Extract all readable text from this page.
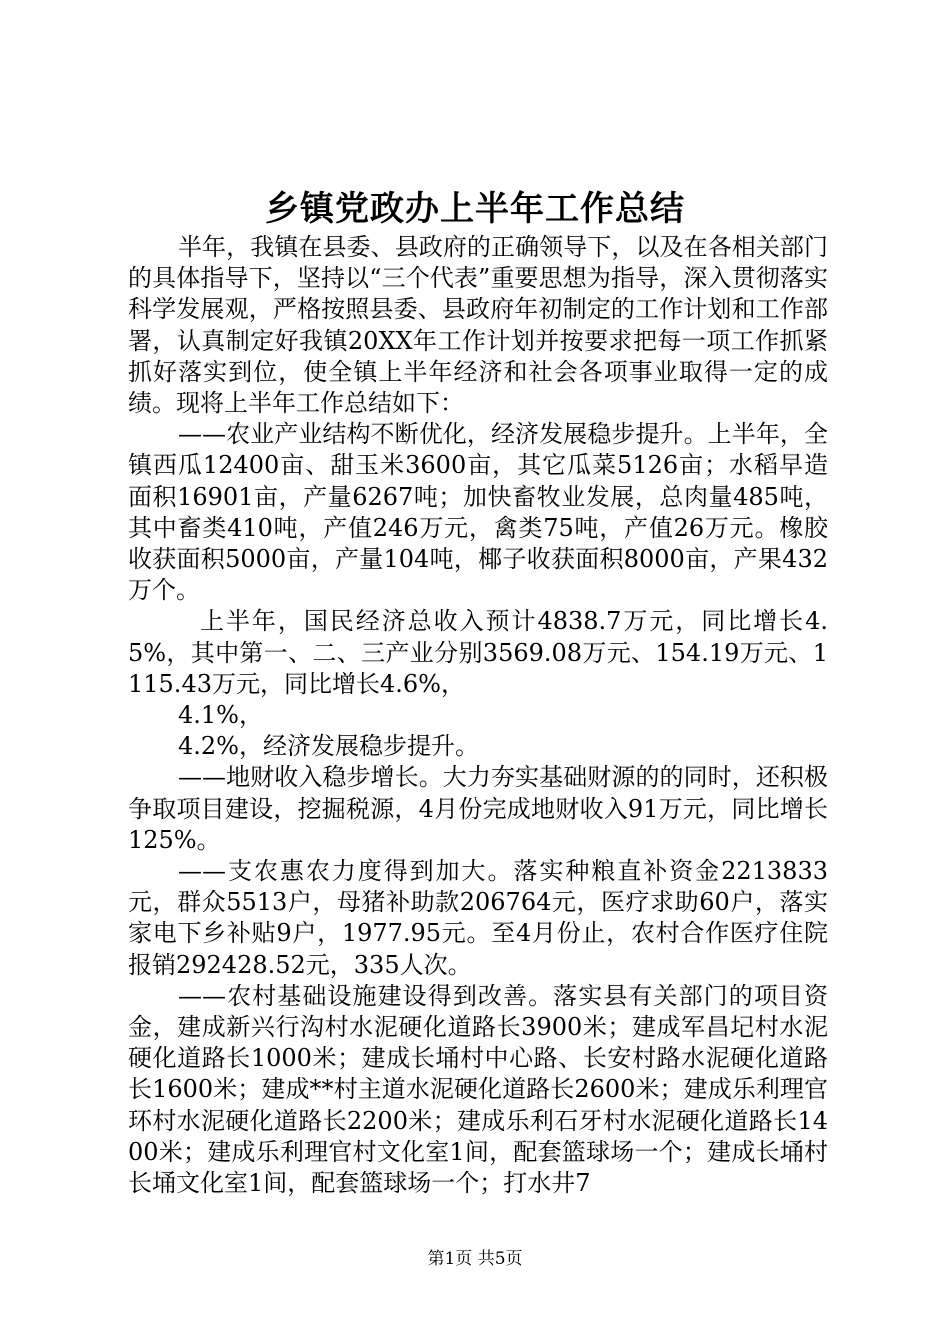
乡镇党政办上半年工作总结

半年，我镇在县委、县政府的正确领导下，以及在各相关部门的具体指导下，坚持以“三个代表”重要思想为指导，深入贯彻落实科学发展观，严格按照县委、县政府年初制定的工作计划和工作部署，认真制定好我镇20XX年工作计划并按要求把每一项工作抓紧抓好落实到位，使全镇上半年经济和社会各项事业取得一定的成绩。现将上半年工作总结如下：

——农业产业结构不断优化，经济发展稳步提升。上半年，全镇西瓜12400亩、甜玉米3600亩，其它瓜菜5126亩；水稻早造面积16901亩，产量6267吨；加快畜牧业发展，总肉量485吨，其中畜类410吨，产值246万元，禽类75吨，产值26万元。橡胶收获面积5000亩，产量104吨，椰子收获面积8000亩，产果432万个。

上半年，国民经济总收入预计4838.7万元，同比增长4.5%，其中第一、二、三产业分别3569.08万元、154.19万元、1115.43万元，同比增长4.6%，

4.1%，

4.2%，经济发展稳步提升。

——地财收入稳步增长。大力夯实基础财源的的同时，还积极争取项目建设，挖掘税源，4月份完成地财收入91万元，同比增长125%。

——支农惠农力度得到加大。落实种粮直补资金2213833元，群众5513户，母猪补助款206764元，医疗求助60户，落实家电下乡补贴9户，1977.95元。至4月份止，农村合作医疗住院报销292428.52元，335人次。

——农村基础设施建设得到改善。落实县有关部门的项目资金，建成新兴行沟村水泥硬化道路长3900米；建成军昌圮村水泥硬化道路长1000米；建成长埇村中心路、长安村路水泥硬化道路长1600米；建成**村主道水泥硬化道路长2600米；建成乐利理官环村水泥硬化道路长2200米；建成乐利石牙村水泥硬化道路长1400米；建成乐利理官村文化室1间，配套篮球场一个；建成长埇村长埇文化室1间，配套篮球场一个；打水井7

第1页 共5页
